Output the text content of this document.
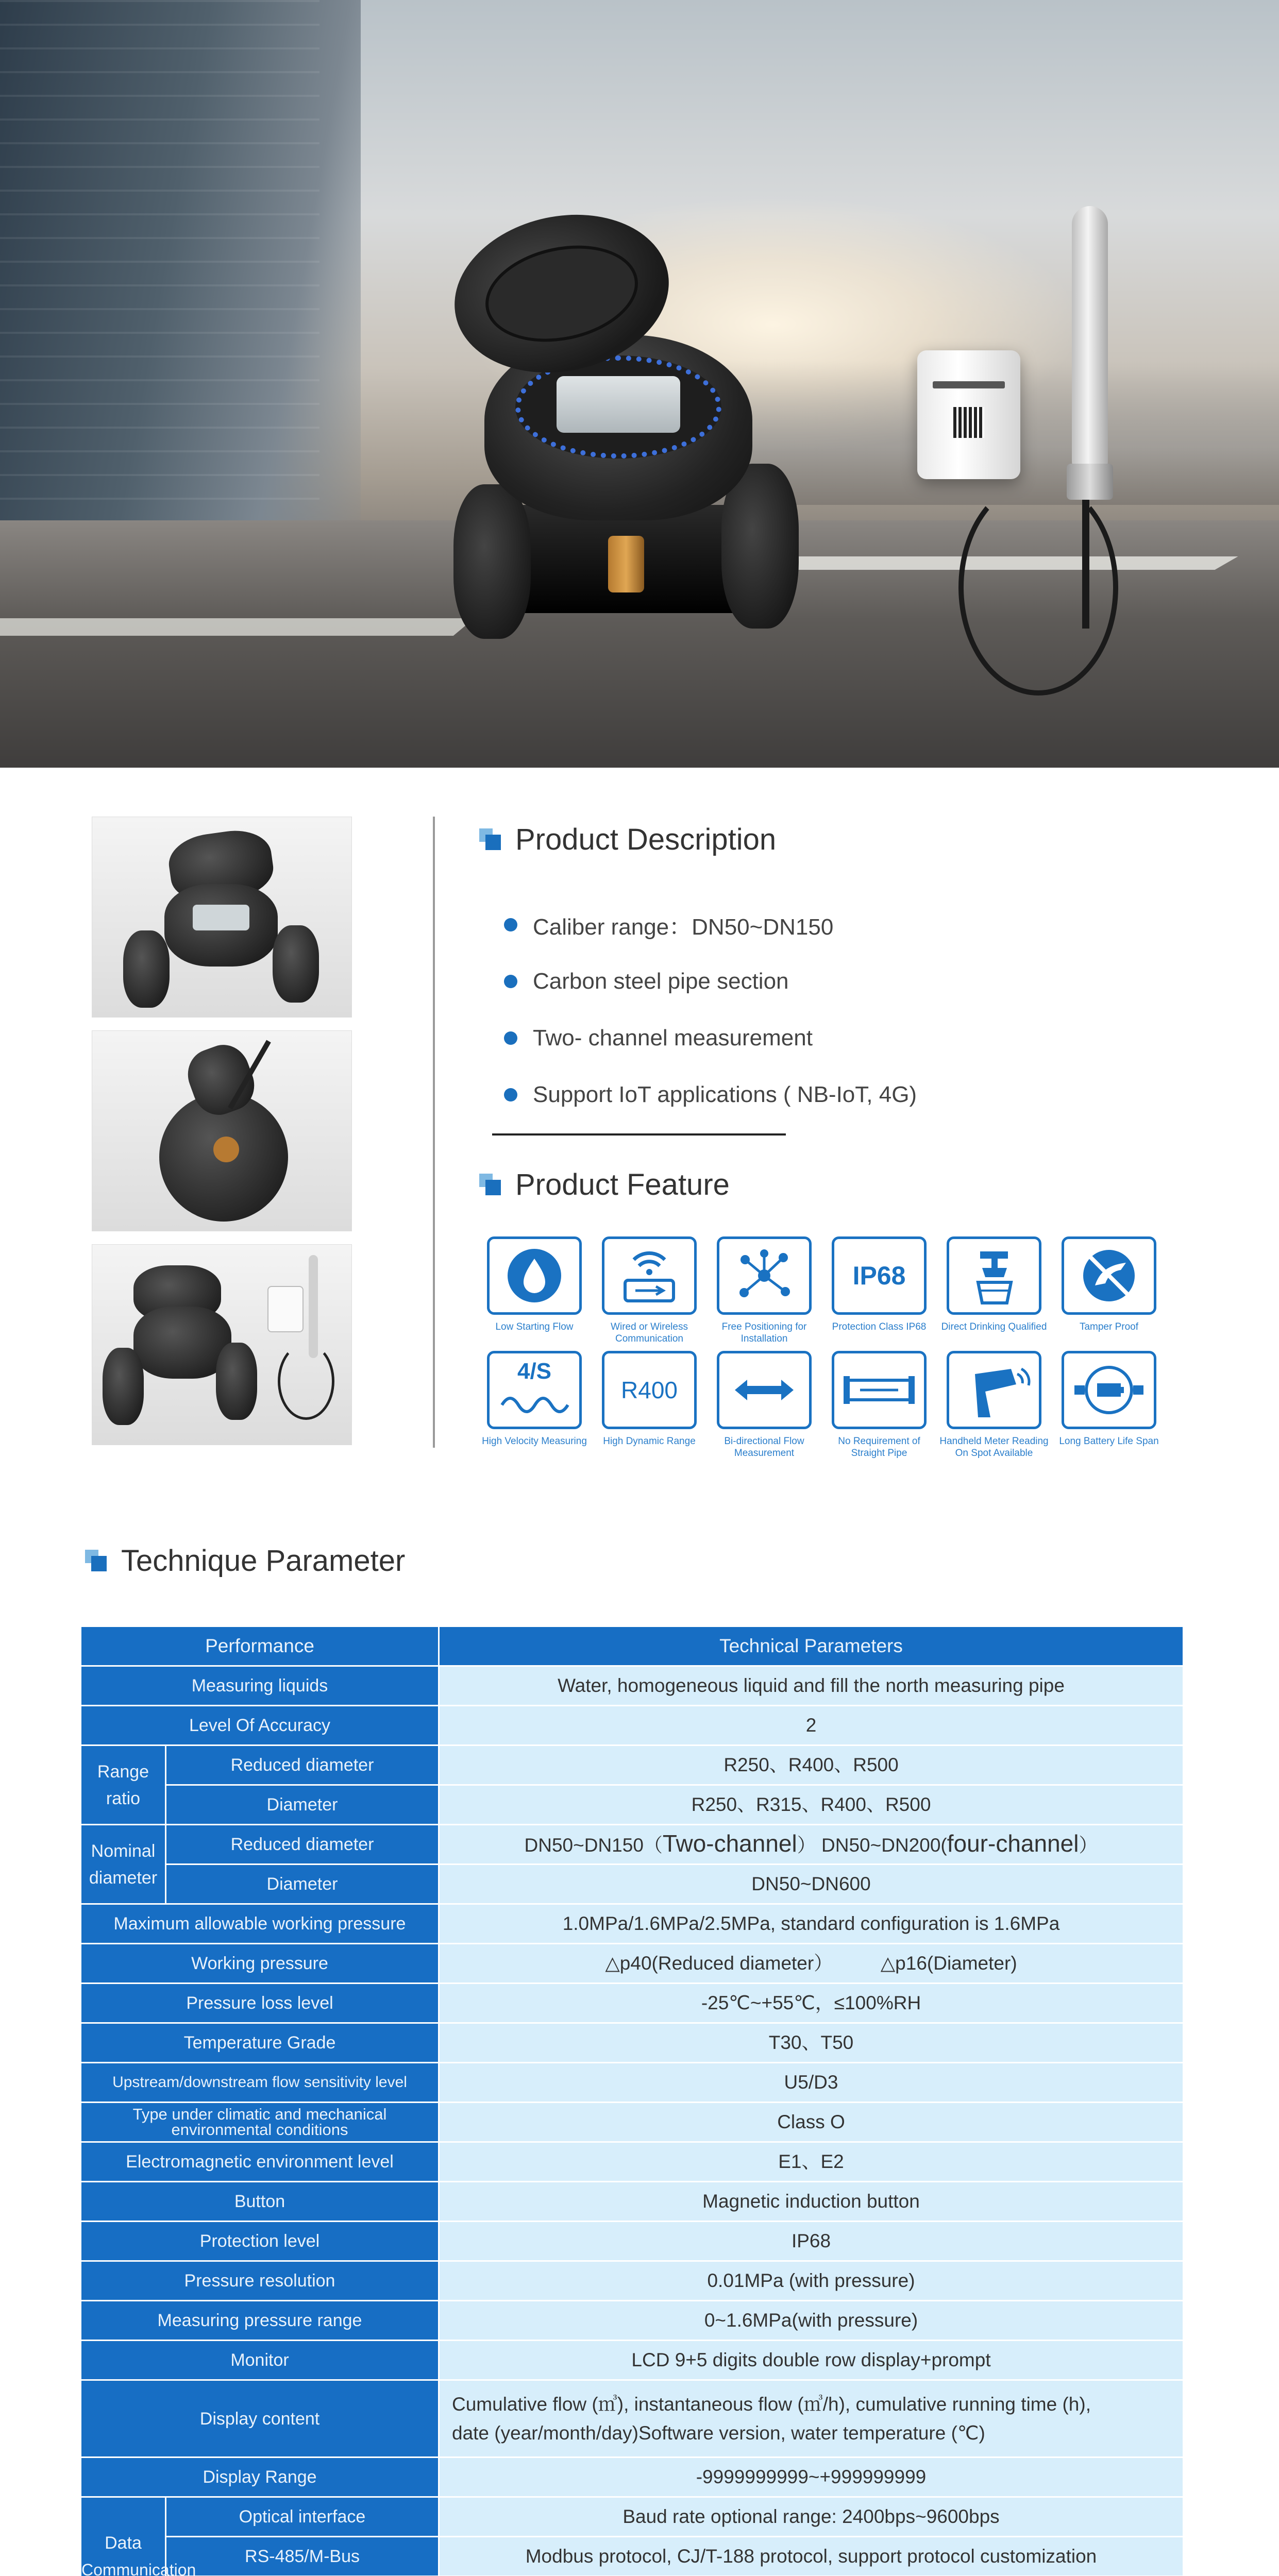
Product Description
Caliber range：DN50~DN150
Carbon steel pipe section
Two- channel measurement
Support IoT applications ( NB-IoT, 4G)
Product Feature
Low Starting Flow	Wired or Wireless Communication
Free Positioning for Installation
IP68
Protection Class IP68	Direct Drinking Qualified	Tamper Proof
4/S
High Velocity Measuring
R400
High Dynamic Range	Bi-directional Flow Measurement
No Requirement of Straight Pipe
Handheld Meter Reading On Spot Available
Long Battery Life Span
Technique Parameter
Performance		Technical Parameters
Measuring liquids		Water, homogeneous liquid and fill the north measuring pipe
Level Of Accuracy		2
Range
ratio	Reduced diameter	R250、R400、R500
	Diameter	R250、R315、R400、R500
Nominal
diameter	Reduced diameter	DN50~DN150（Two-channel） DN50~DN200(four-channel）
	Diameter	DN50~DN600
Maximum allowable working pressure		1.0MPa/1.6MPa/2.5MPa, standard configuration is 1.6MPa
Working pressure		△p40(Reduced diameter）         △p16(Diameter)
Pressure loss level		-25℃~+55℃，≤100%RH
Temperature Grade		T30、T50
Upstream/downstream flow sensitivity level		U5/D3
Type under climatic and mechanical environmental conditions		Class O
Electromagnetic environment level		E1、E2
Button		Magnetic induction button
Protection level		IP68
Pressure resolution		0.01MPa (with pressure)
Measuring pressure range		0~1.6MPa(with pressure)
Monitor		LCD 9+5 digits double row display+prompt
Display content		Cumulative flow (㎥), instantaneous flow (㎥/h), cumulative running time (h),
date (year/month/day)Software version, water temperature (℃)
Display Range		-9999999999~+999999999
Data
Communication	Optical interface	Baud rate optional range: 2400bps~9600bps
	RS-485/M-Bus	Modbus protocol, CJ/T-188 protocol, support protocol customization
